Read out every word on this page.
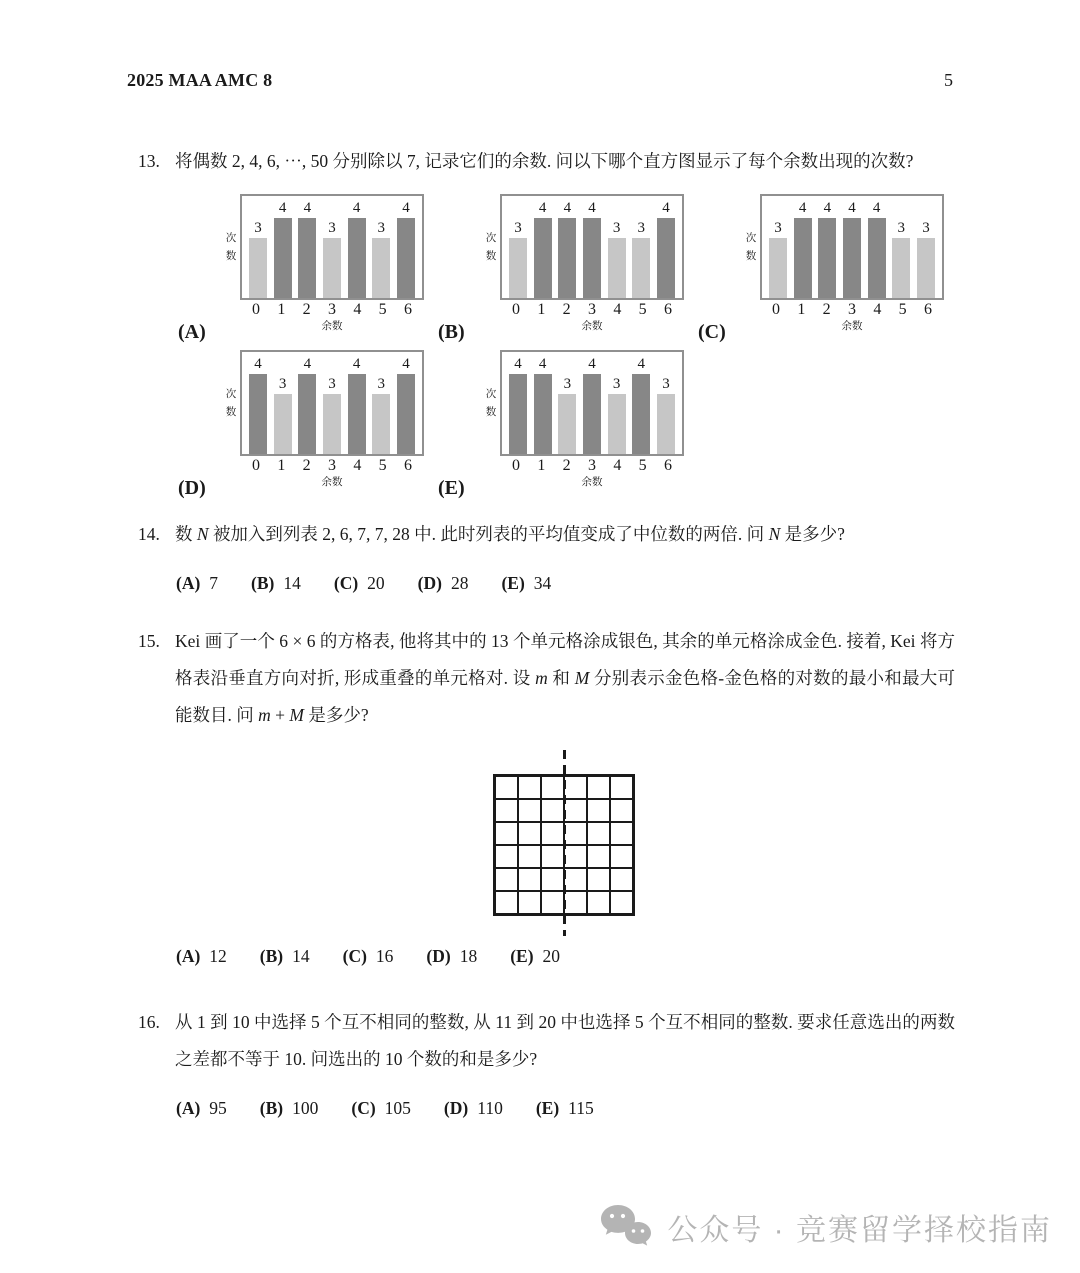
2025 MAA AMC 8	5
13. 将偶数 2, 4, 6, ⋯, 50 分别除以 7, 记录它们的余数. 问以下哪个直方图显示了每个余数出现的次数?
(A)
次
数
3
4 4
3
4
3
4
0	1	2	3	4	5	6
余数	(B)
次
数
3
4 4 4
3 3
4
0	1	2	3	4	5	6
余数	(C)
次
数
3
4 4 4 4
3 3
0	1	2	3	4	5	6
余数
(D)
次
数
4
3
4
3
4
3
4
0	1	2	3	4	5	6
余数	(E)
次
数
4 4
3
4
3
4
3
0	1	2	3	4	5	6
余数
14. 数 N 被加入到列表 2, 6, 7, 7, 28 中. 此时列表的平均值变成了中位数的两倍. 问 N 是多少?
(A) 7 (B) 14 (C) 20 (D) 28 (E) 34
15. Kei 画了一个 6 × 6 的方格表, 他将其中的 13 个单元格涂成银色, 其余的单元格涂成金色. 接着, Kei 将方格表沿垂直方向对折, 形成重叠的单元格对. 设 m 和 M 分别表示金色格-金色格的对数的最小和最大可能数目. 问 m + M 是多少?
(A) 12 (B) 14 (C) 16 (D) 18 (E) 20
16. 从 1 到 10 中选择 5 个互不相同的整数, 从 11 到 20 中也选择 5 个互不相同的整数. 要求任意选出的两数之差都不等于 10. 问选出的 10 个数的和是多少?
(A) 95 (B) 100 (C) 105 (D) 110 (E) 115
公众号 · 竞赛留学择校指南
